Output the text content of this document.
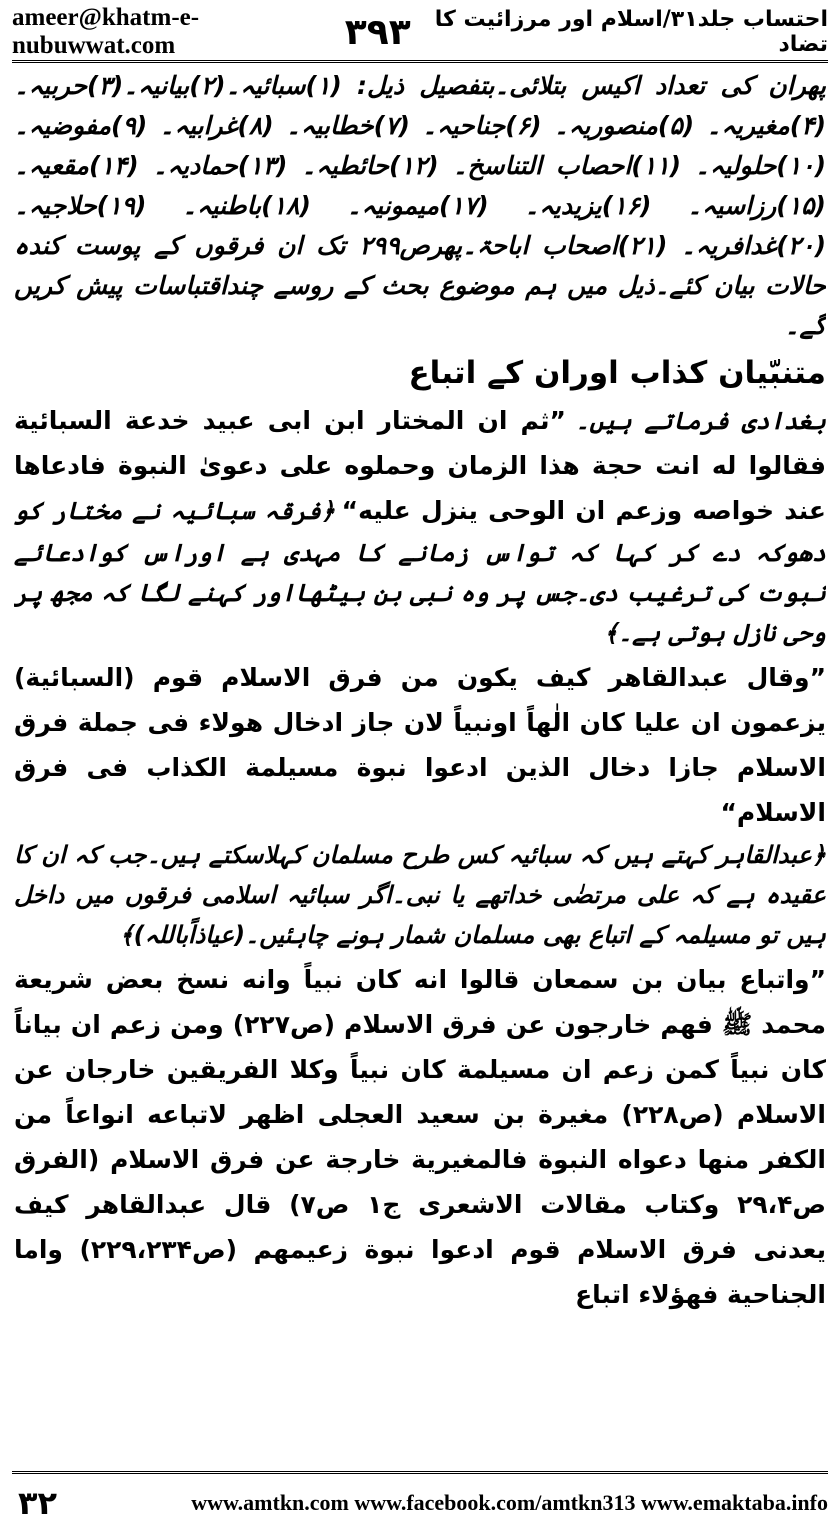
ameer@khatm-e-nubuwwat.com	۳۹۳	احتساب جلد۳۱/اسلام اور مرزائیت کا تضاد

پھران کی تعداد اکیس بتلائی۔بتفصیل ذیل: (۱)سبائیہ۔(۲)بیانیہ۔(۳)حربیہ۔ (۴)مغیریہ۔ (۵)منصوریہ۔ (۶)جناحیہ۔ (۷)خطابیہ۔ (۸)غرابیہ۔ (۹)مفوضیہ۔ (۱۰)حلولیہ۔ (۱۱)احصاب التناسخ۔ (۱۲)حائطیہ۔ (۱۳)حمادیہ۔ (۱۴)مقعیہ۔ (۱۵)رزاسیہ۔ (۱۶)یزیدیہ۔ (۱۷)میمونیہ۔ (۱۸)باطنیہ۔ (۱۹)حلاجیہ۔ (۲۰)غدافریہ۔ (۲۱)اصحاب اباحۃ۔پھرص۲۹۹ تک ان فرقوں کے پوست کندہ حالات بیان کئے۔ذیل میں ہم موضوع بحث کے روسے چنداقتباسات پیش کریں گے۔

متنبّیان کذاب اوران کے اتباع

بغدادی فرماتے ہیں۔ ”ثم ان المختار ابن ابی عبید خدعة السبائیة فقالوا له انت حجة هذا الزمان وحملوه علی دعویٰ النبوة فادعاها عند خواصه وزعم ان الوحی ینزل علیه“ ﴿فرقہ سبائیہ نے مختار کو دھوکہ دے کر کہا کہ تواس زمانے کا مہدی ہے اوراس کوادعائے نبوت کی ترغیب دی۔جس پر وہ نبی بن بیٹھااور کہنے لگا کہ مجھ پر وحی نازل ہوتی ہے۔﴾

”وقال عبدالقاهر کیف یکون من فرق الاسلام قوم (السبائیة) یزعمون ان علیا کان الٰهاً اونبیاً لان جاز ادخال هولاء فی جملة فرق الاسلام جازا دخال الذین ادعوا نبوة مسیلمة الکذاب فی فرق الاسلام“

﴿عبدالقاہر کہتے ہیں کہ سبائیہ کس طرح مسلمان کہلاسکتے ہیں۔جب کہ ان کا عقیدہ ہے کہ علی مرتضٰی خداتھے یا نبی۔اگر سبائیہ اسلامی فرقوں میں داخل ہیں تو مسیلمہ کے اتباع بھی مسلمان شمار ہونے چاہئیں۔(عیاذاًباللہ)﴾

”واتباع بیان بن سمعان قالوا انه کان نبیاً وانه نسخ بعض شریعة محمد ﷺ فهم خارجون عن فرق الاسلام (ص۲۲۷) ومن زعم ان بیاناً کان نبیاً کمن زعم ان مسیلمة کان نبیاً وکلا الفریقین خارجان عن الاسلام (ص۲۲۸) مغیرة بن سعید العجلی اظهر لاتباعه انواعاً من الکفر منها دعواه النبوة فالمغیریة خارجة عن فرق الاسلام (الفرق ص۲۹،۴ وکتاب مقالات الاشعری ج۱ ص۷) قال عبدالقاهر کیف یعدنی فرق الاسلام قوم ادعوا نبوة زعیمهم (ص۲۲۹،۲۳۴) واما الجناحیة فهؤلاء اتباع

۳۲	www.amtkn.com www.facebook.com/amtkn313 www.emaktaba.info
